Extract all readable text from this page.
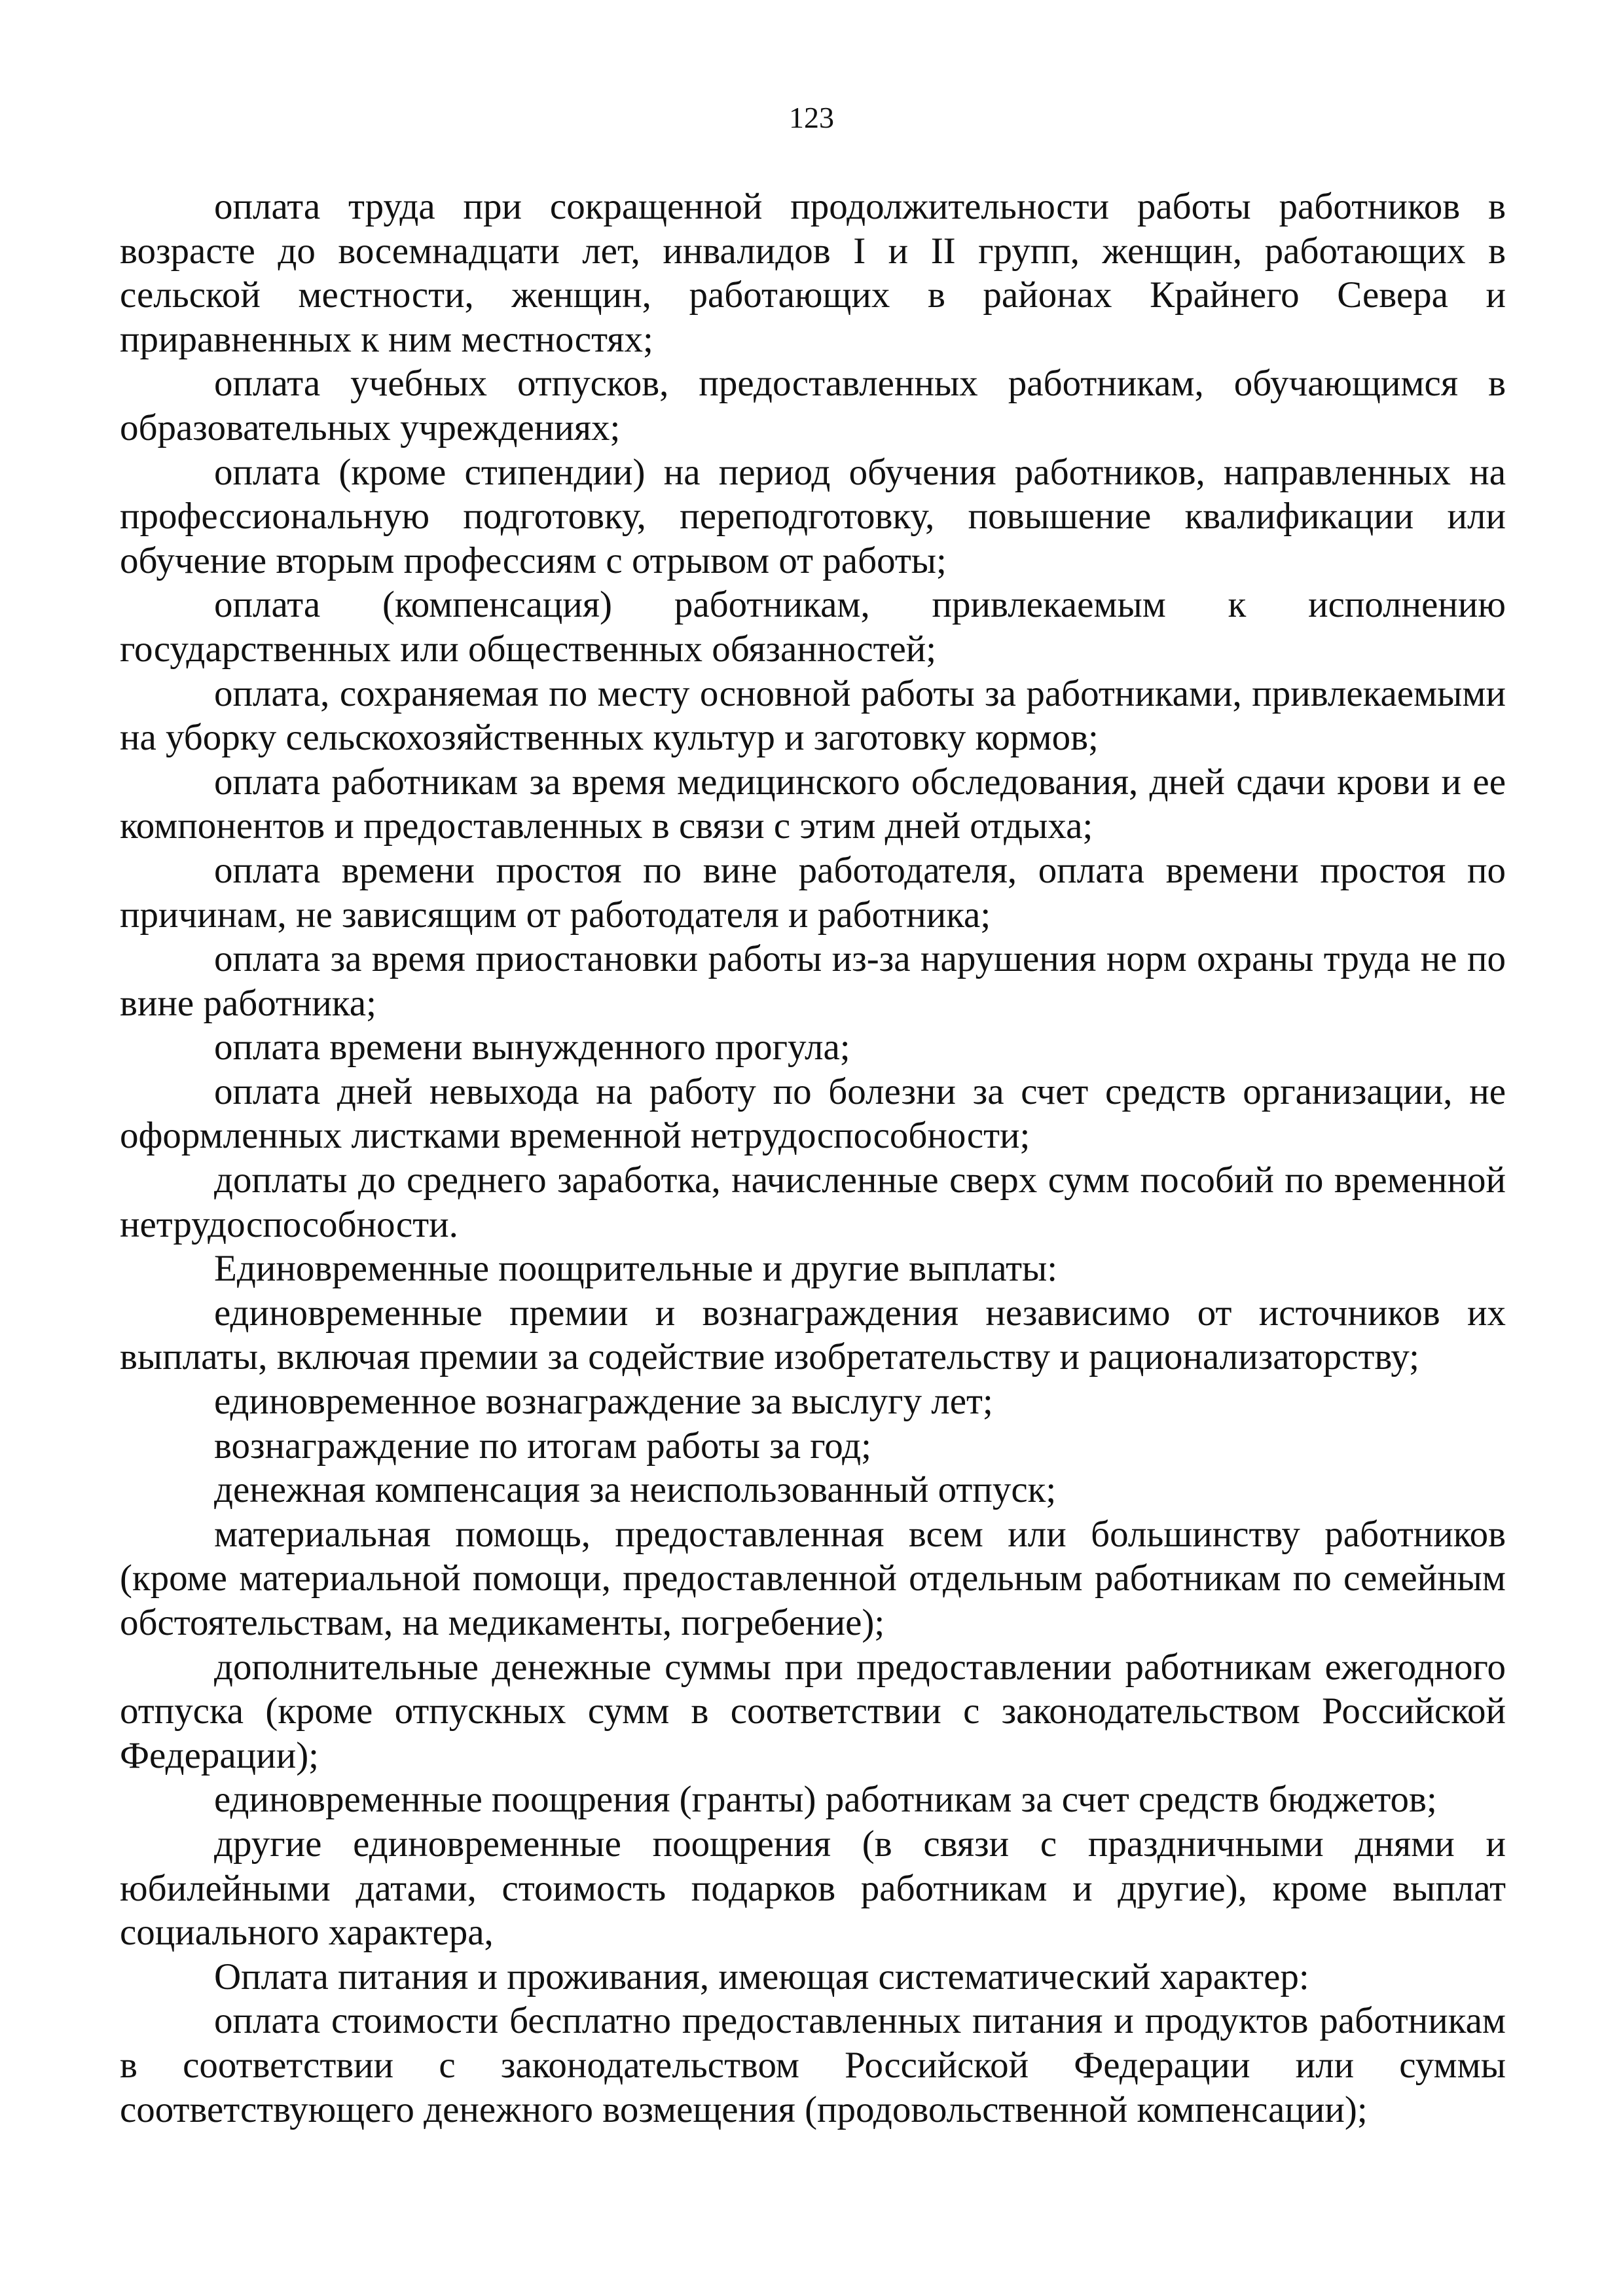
123

оплата труда при сокращенной продолжительности работы работников в возрасте до восемнадцати лет, инвалидов I и II групп, женщин, работающих в сельской местности, женщин, работающих в районах Крайнего Севера и приравненных к ним местностях;

оплата учебных отпусков, предоставленных работникам, обучающимся в образовательных учреждениях;

оплата (кроме стипендии) на период обучения работников, направленных на профессиональную подготовку, переподготовку, повышение квалификации или обучение вторым профессиям с отрывом от работы;

оплата (компенсация) работникам, привлекаемым к исполнению государственных или общественных обязанностей;

оплата, сохраняемая по месту основной работы за работниками, привлекаемыми на уборку сельскохозяйственных культур и заготовку кормов;

оплата работникам за время медицинского обследования, дней сдачи крови и ее компонентов и предоставленных в связи с этим дней отдыха;

оплата времени простоя по вине работодателя, оплата времени простоя по причинам, не зависящим от работодателя и работника;

оплата за время приостановки работы из-за нарушения норм охраны труда не по вине работника;

оплата времени вынужденного прогула;

оплата дней невыхода на работу по болезни за счет средств организации, не оформленных листками временной нетрудоспособности;

доплаты до среднего заработка, начисленные сверх сумм пособий по временной нетрудоспособности.

Единовременные поощрительные и другие выплаты:

единовременные премии и вознаграждения независимо от источников их выплаты, включая премии за содействие изобретательству и рационализаторству;

единовременное вознаграждение за выслугу лет;

вознаграждение по итогам работы за год;

денежная компенсация за неиспользованный отпуск;

материальная помощь, предоставленная всем или большинству работников (кроме материальной помощи, предоставленной отдельным работникам по семейным обстоятельствам, на медикаменты, погребение);

дополнительные денежные суммы при предоставлении работникам ежегодного отпуска (кроме отпускных сумм в соответствии с законодательством Российской Федерации);

единовременные поощрения (гранты) работникам за счет средств бюджетов;

другие единовременные поощрения (в связи с праздничными днями и юбилейными датами, стоимость подарков работникам и другие), кроме выплат социального характера,

Оплата питания и проживания, имеющая систематический характер:

оплата стоимости бесплатно предоставленных питания и продуктов работникам в соответствии с законодательством Российской Федерации или суммы соответствующего денежного возмещения (продовольственной компенсации);
